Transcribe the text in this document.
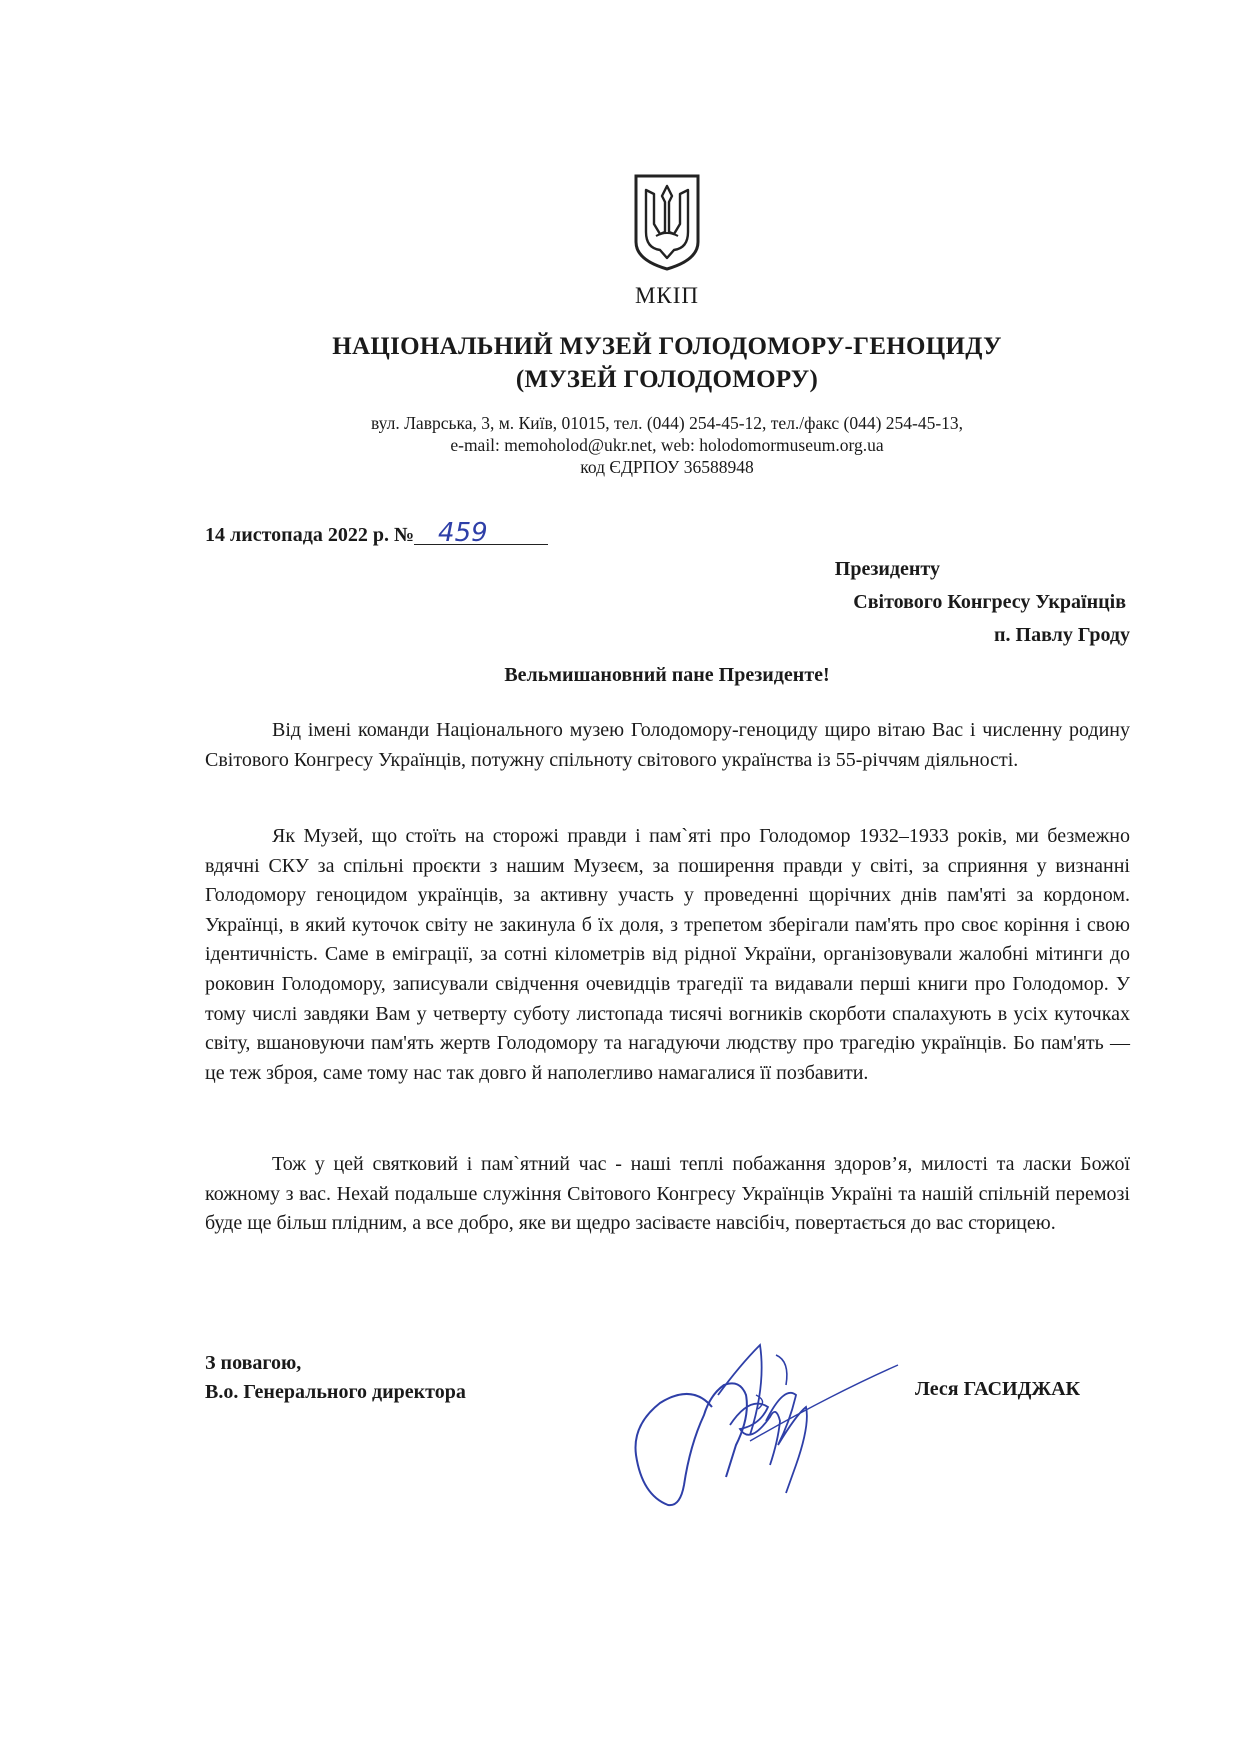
МКІП
НАЦІОНАЛЬНИЙ МУЗЕЙ ГОЛОДОМОРУ-ГЕНОЦИДУ
(МУЗЕЙ ГОЛОДОМОРУ)
вул. Лаврська, 3, м. Київ, 01015, тел. (044) 254-45-12, тел./факс (044) 254-45-13,
e-mail: memoholod@ukr.net, web: holodomormuseum.org.ua
код ЄДРПОУ 36588948
14 листопада 2022 р. № 459
Президенту
Світового Конгресу Українців
п. Павлу Гроду
Вельмишановний пане Президенте!

Від імені команди Національного музею Голодомору-геноциду щиро вітаю Вас і численну родину Світового Конгресу Українців, потужну спільноту світового українства із 55-річчям діяльності.

Як Музей, що стоїть на сторожі правди і пам`яті про Голодомор 1932–1933 років, ми безмежно вдячні СКУ за спільні проєкти з нашим Музеєм, за поширення правди у світі, за сприяння у визнанні Голодомору геноцидом українців, за активну участь у проведенні щорічних днів пам'яті за кордоном. Українці, в який куточок світу не закинула б їх доля, з трепетом зберігали пам'ять про своє коріння і свою ідентичність. Саме в еміграції, за сотні кілометрів від рідної України, організовували жалобні мітинги до роковин Голодомору, записували свідчення очевидців трагедії та видавали перші книги про Голодомор. У тому числі завдяки Вам у четверту суботу листопада тисячі вогників скорботи спалахують в усіх куточках світу, вшановуючи пам'ять жертв Голодомору та нагадуючи людству про трагедію українців. Бо пам'ять — це теж зброя, саме тому нас так довго й наполегливо намагалися її позбавити.

Тож у цей святковий і пам`ятний час - наші теплі побажання здоров’я, милості та ласки Божої кожному з вас. Нехай подальше служіння Світового Конгресу Українців Україні та нашій спільній перемозі буде ще більш плідним, а все добро, яке ви щедро засіваєте навсібіч, повертається до вас сторицею.

З повагою,
В.о. Генерального директора	Леся ГАСИДЖАК
